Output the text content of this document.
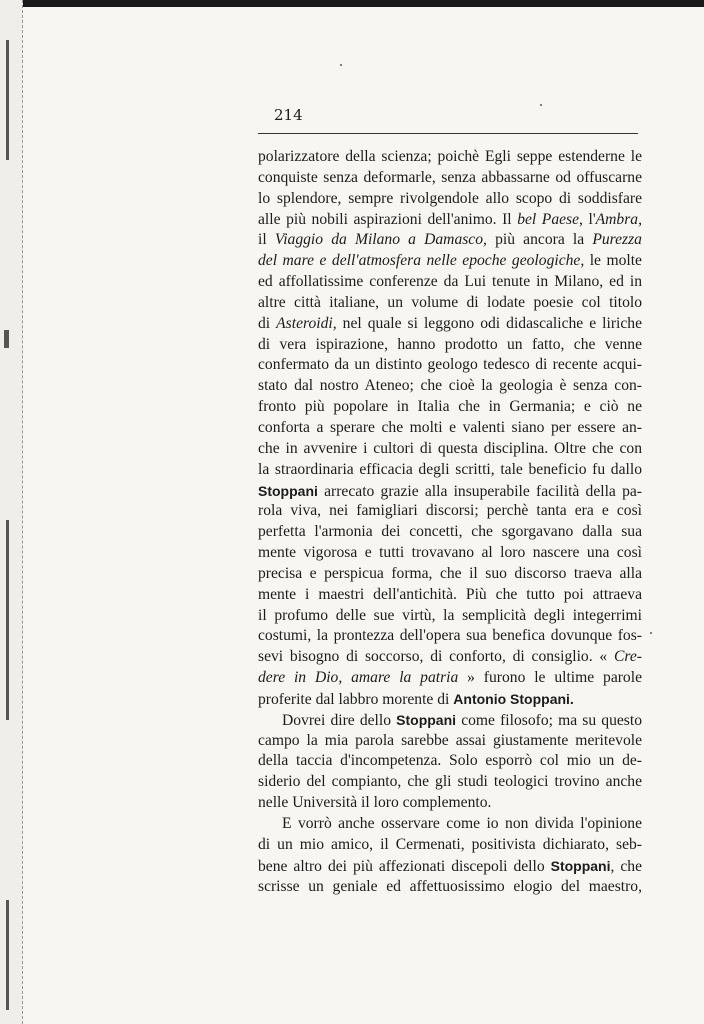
214
polarizzatore della scienza; poichè Egli seppe estenderne le
conquiste senza deformarle, senza abbassarne od offuscarne
lo splendore, sempre rivolgendole allo scopo di soddisfare
alle più nobili aspirazioni dell'animo. Il bel Paese, l'Ambra,
il Viaggio da Milano a Damasco, più ancora la Purezza
del mare e dell'atmosfera nelle epoche geologiche, le molte
ed affollatissime conferenze da Lui tenute in Milano, ed in
altre città italiane, un volume di lodate poesie col titolo
di Asteroidi, nel quale si leggono odi didascaliche e liriche
di vera ispirazione, hanno prodotto un fatto, che venne
confermato da un distinto geologo tedesco di recente acqui-
stato dal nostro Ateneo; che cioè la geologia è senza con-
fronto più popolare in Italia che in Germania; e ciò ne
conforta a sperare che molti e valenti siano per essere an-
che in avvenire i cultori di questa disciplina. Oltre che con
la straordinaria efficacia degli scritti, tale beneficio fu dallo
Stoppani arrecato grazie alla insuperabile facilità della pa-
rola viva, nei famigliari discorsi; perchè tanta era e così
perfetta l'armonia dei concetti, che sgorgavano dalla sua
mente vigorosa e tutti trovavano al loro nascere una così
precisa e perspicua forma, che il suo discorso traeva alla
mente i maestri dell'antichità. Più che tutto poi attraeva
il profumo delle sue virtù, la semplicità degli integerrimi
costumi, la prontezza dell'opera sua benefica dovunque fos-
sevi bisogno di soccorso, di conforto, di consiglio. « Cre-
dere in Dio, amare la patria » furono le ultime parole
proferite dal labbro morente di Antonio Stoppani.
Dovrei dire dello Stoppani come filosofo; ma su questo
campo la mia parola sarebbe assai giustamente meritevole
della taccia d'incompetenza. Solo esporrò col mio un de-
siderio del compianto, che gli studi teologici trovino anche
nelle Università il loro complemento.
E vorrò anche osservare come io non divida l'opinione
di un mio amico, il Cermenati, positivista dichiarato, seb-
bene altro dei più affezionati discepoli dello Stoppani, che
scrisse un geniale ed affettuosissimo elogio del maestro,
